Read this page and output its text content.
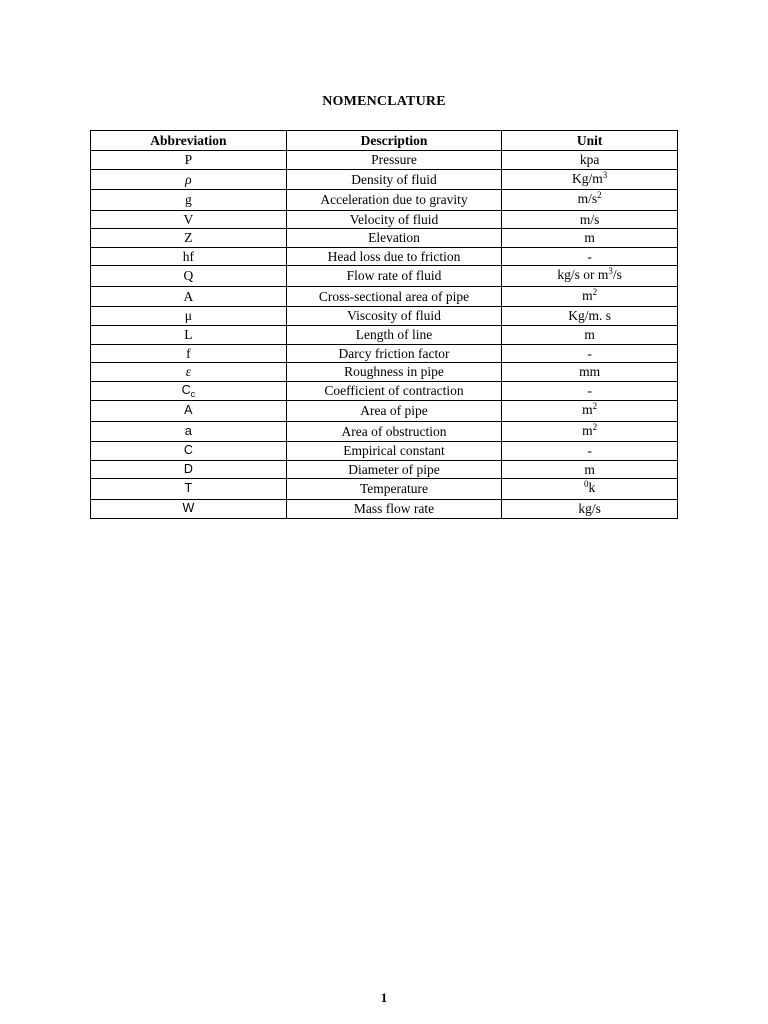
NOMENCLATURE
Abbreviation	Description	Unit
P	Pressure	kpa
ρ	Density of fluid	$Kg/m^3$
g	Acceleration due to gravity	$m/s^2$
V	Velocity of fluid	m/s
Z	Elevation	m
hf	Head loss due to friction	-
Q	Flow rate of fluid	kg/s or $m^3/s$
A	Cross-sectional area of pipe	$m^2$
μ	Viscosity of fluid	Kg/m. s
L	Length of line	m
f	Darcy friction factor	-
ε	Roughness in pipe	mm
$C_c$	Coefficient of contraction	-
A	Area of pipe	$m^2$
a	Area of obstruction	$m^2$
C	Empirical constant	-
D	Diameter of pipe	m
T	Temperature	$^0$k
W	Mass flow rate	kg/s
1
